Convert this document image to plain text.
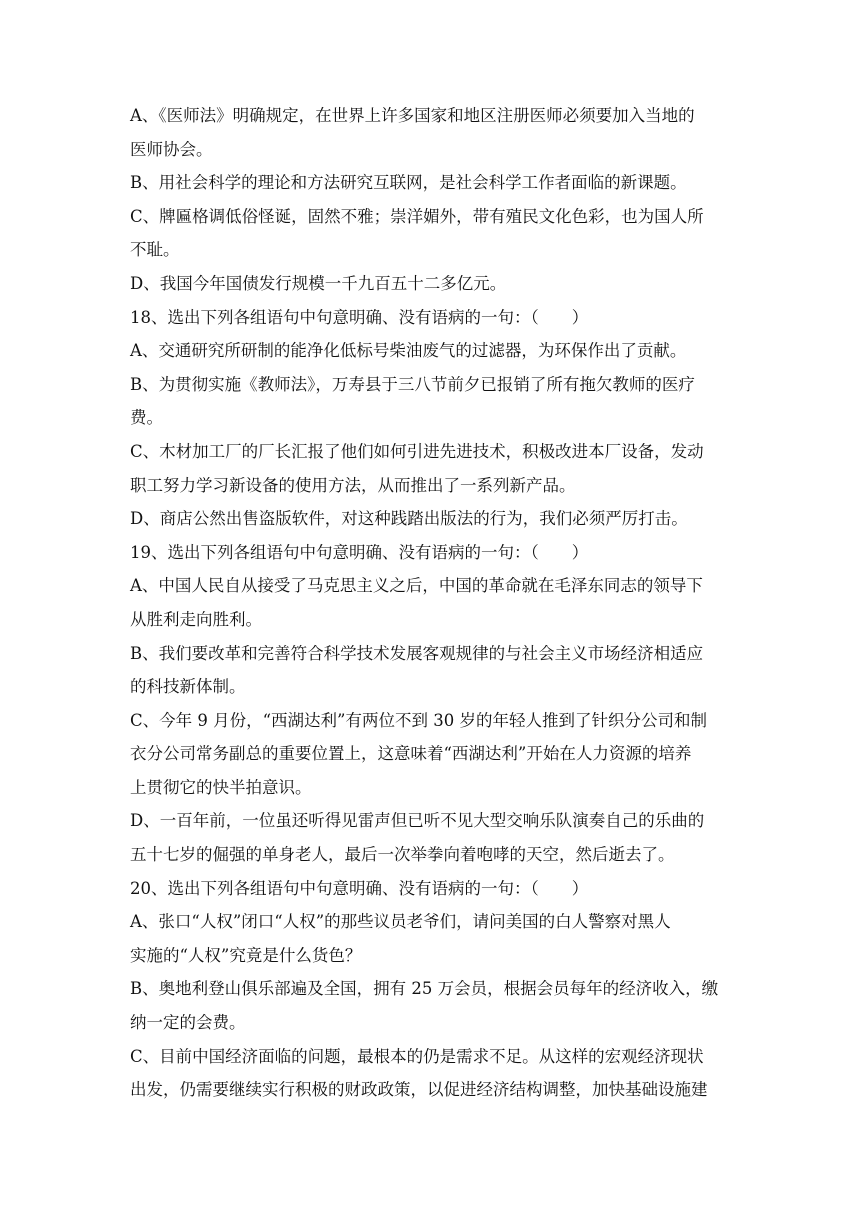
A、《医师法》明确规定，在世界上许多国家和地区注册医师必须要加入当地的
医师协会。
B、用社会科学的理论和方法研究互联网，是社会科学工作者面临的新课题。
C、牌匾格调低俗怪诞，固然不雅；崇洋媚外，带有殖民文化色彩，也为国人所
不耻。
D、我国今年国债发行规模一千九百五十二多亿元。
18、选出下列各组语句中句意明确、没有语病的一句：（　　）
A、交通研究所研制的能净化低标号柴油废气的过滤器，为环保作出了贡献。
B、为贯彻实施《教师法》，万寿县于三八节前夕已报销了所有拖欠教师的医疗
费。
C、木材加工厂的厂长汇报了他们如何引进先进技术，积极改进本厂设备，发动
职工努力学习新设备的使用方法，从而推出了一系列新产品。
D、商店公然出售盗版软件，对这种践踏出版法的行为，我们必须严厉打击。
19、选出下列各组语句中句意明确、没有语病的一句：（　　）
A、中国人民自从接受了马克思主义之后，中国的革命就在毛泽东同志的领导下
从胜利走向胜利。
B、我们要改革和完善符合科学技术发展客观规律的与社会主义市场经济相适应
的科技新体制。
C、今年 9 月份，“西湖达利”有两位不到 30 岁的年轻人推到了针织分公司和制
衣分公司常务副总的重要位置上，这意味着“西湖达利”开始在人力资源的培养
上贯彻它的快半拍意识。
D、一百年前，一位虽还听得见雷声但已听不见大型交响乐队演奏自己的乐曲的
五十七岁的倔强的单身老人，最后一次举拳向着咆哮的天空，然后逝去了。
20、选出下列各组语句中句意明确、没有语病的一句：（　　）
A、张口“人权”闭口“人权”的那些议员老爷们，请问美国的白人警察对黑人
实施的“人权”究竟是什么货色？
B、奥地利登山俱乐部遍及全国，拥有 25 万会员，根据会员每年的经济收入，缴
纳一定的会费。
C、目前中国经济面临的问题，最根本的仍是需求不足。从这样的宏观经济现状
出发，仍需要继续实行积极的财政政策，以促进经济结构调整，加快基础设施建
